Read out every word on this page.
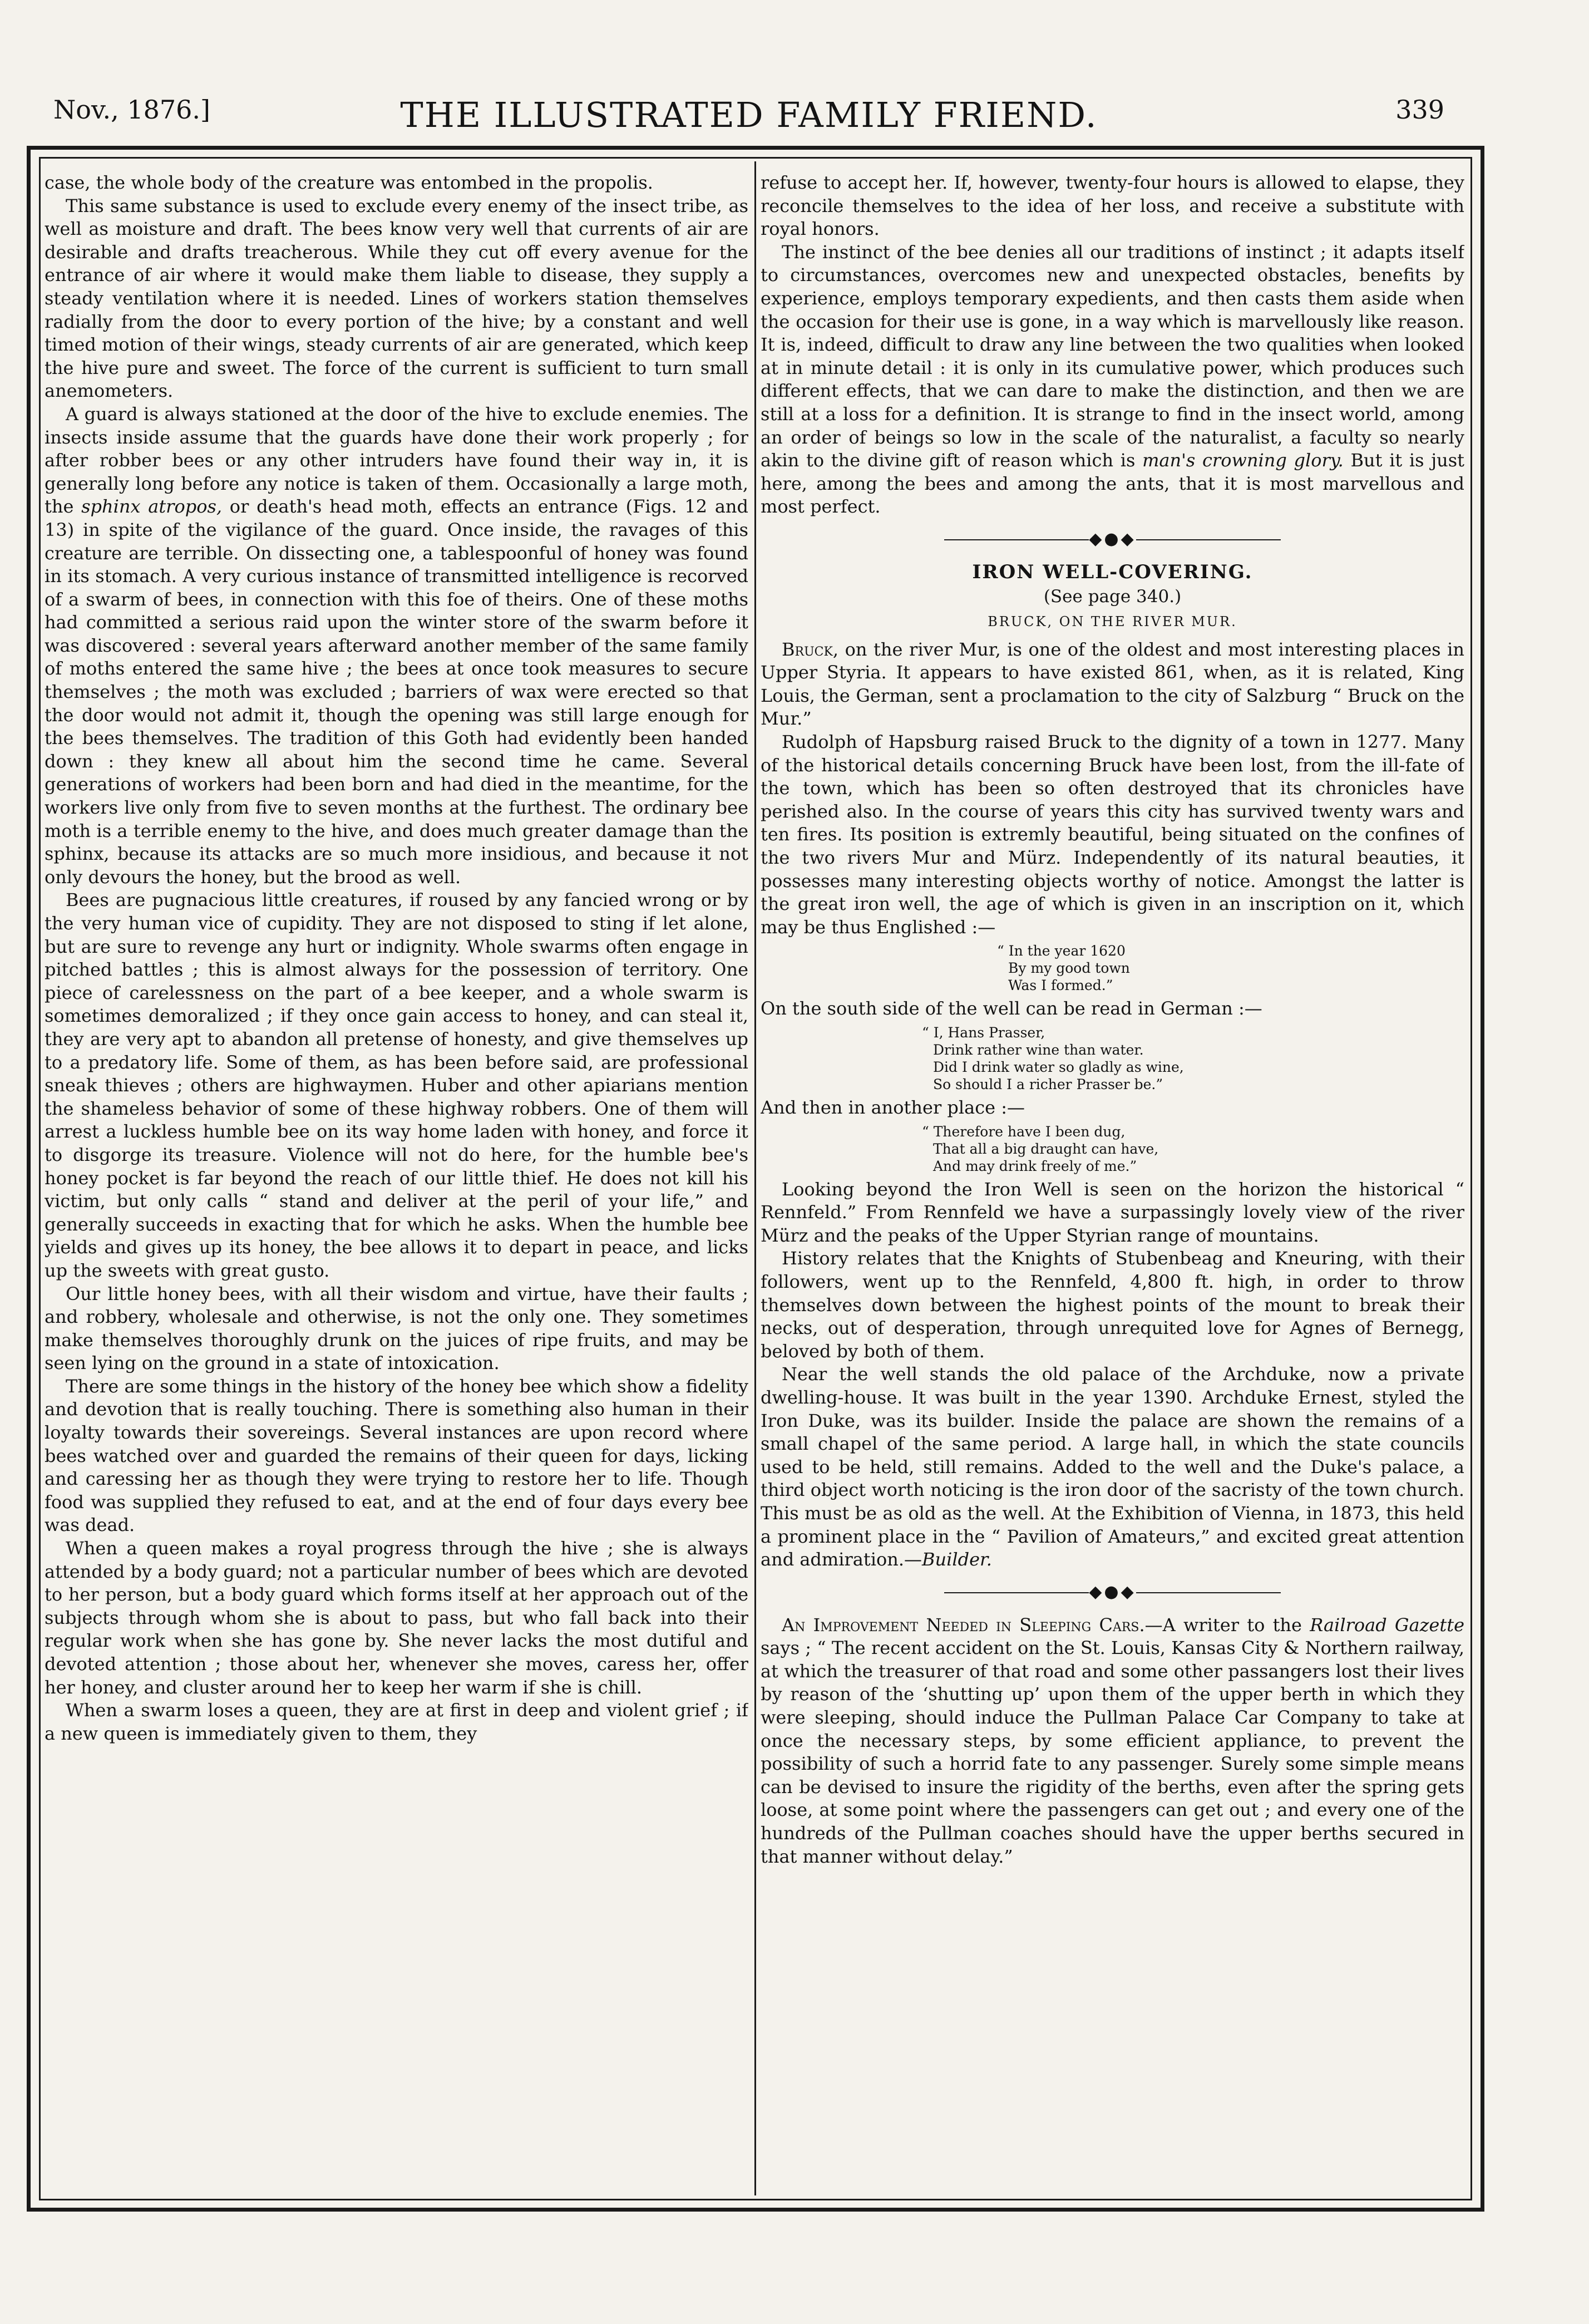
THE ILLUSTRATED FAMILY FRIEND.
Nov., 1876.]	339

case, the whole body of the creature was entombed in the propolis.

This same substance is used to exclude every enemy of the insect tribe, as well as moisture and draft. The bees know very well that currents of air are desirable and drafts treacherous. While they cut off every avenue for the entrance of air where it would make them liable to disease, they supply a steady ventilation where it is needed. Lines of workers station themselves radially from the door to every portion of the hive; by a constant and well timed motion of their wings, steady currents of air are generated, which keep the hive pure and sweet. The force of the current is sufficient to turn small anemometers.

A guard is always stationed at the door of the hive to exclude enemies. The insects inside assume that the guards have done their work properly ; for after robber bees or any other intruders have found their way in, it is generally long before any notice is taken of them. Occasionally a large moth, the sphinx atropos, or death's head moth, effects an entrance (Figs. 12 and 13) in spite of the vigilance of the guard. Once inside, the ravages of this creature are terrible. On dissecting one, a tablespoonful of honey was found in its stomach. A very curious instance of transmitted intelligence is recorved of a swarm of bees, in connection with this foe of theirs. One of these moths had committed a serious raid upon the winter store of the swarm before it was discovered : several years afterward another member of the same family of moths entered the same hive ; the bees at once took measures to secure themselves ; the moth was excluded ; barriers of wax were erected so that the door would not admit it, though the opening was still large enough for the bees themselves. The tradition of this Goth had evidently been handed down : they knew all about him the second time he came. Several generations of workers had been born and had died in the meantime, for the workers live only from five to seven months at the furthest. The ordinary bee moth is a terrible enemy to the hive, and does much greater damage than the sphinx, because its attacks are so much more insidious, and because it not only devours the honey, but the brood as well.

Bees are pugnacious little creatures, if roused by any fancied wrong or by the very human vice of cupidity. They are not disposed to sting if let alone, but are sure to revenge any hurt or indignity. Whole swarms often engage in pitched battles ; this is almost always for the possession of territory. One piece of carelessness on the part of a bee keeper, and a whole swarm is sometimes demoralized ; if they once gain access to honey, and can steal it, they are very apt to abandon all pretense of honesty, and give themselves up to a predatory life. Some of them, as has been before said, are professional sneak thieves ; others are highwaymen. Huber and other apiarians mention the shameless behavior of some of these highway robbers. One of them will arrest a luckless humble bee on its way home laden with honey, and force it to disgorge its treasure. Violence will not do here, for the humble bee's honey pocket is far beyond the reach of our little thief. He does not kill his victim, but only calls “ stand and deliver at the peril of your life,” and generally succeeds in exacting that for which he asks. When the humble bee yields and gives up its honey, the bee allows it to depart in peace, and licks up the sweets with great gusto.

Our little honey bees, with all their wisdom and virtue, have their faults ; and robbery, wholesale and otherwise, is not the only one. They sometimes make themselves thoroughly drunk on the juices of ripe fruits, and may be seen lying on the ground in a state of intoxication.

There are some things in the history of the honey bee which show a fidelity and devotion that is really touching. There is something also human in their loyalty towards their sovereings. Several instances are upon record where bees watched over and guarded the remains of their queen for days, licking and caressing her as though they were trying to restore her to life. Though food was supplied they refused to eat, and at the end of four days every bee was dead.

When a queen makes a royal progress through the hive ; she is always attended by a body guard; not a particular number of bees which are devoted to her person, but a body guard which forms itself at her approach out of the subjects through whom she is about to pass, but who fall back into their regular work when she has gone by. She never lacks the most dutiful and devoted attention ; those about her, whenever she moves, caress her, offer her honey, and cluster around her to keep her warm if she is chill.

When a swarm loses a queen, they are at first in deep and violent grief ; if a new queen is immediately given to them, they

refuse to accept her. If, however, twenty-four hours is allowed to elapse, they reconcile themselves to the idea of her loss, and receive a substitute with royal honors.

The instinct of the bee denies all our traditions of instinct ; it adapts itself to circumstances, overcomes new and unexpected obstacles, benefits by experience, employs temporary expedients, and then casts them aside when the occasion for their use is gone, in a way which is marvellously like reason. It is, indeed, difficult to draw any line between the two qualities when looked at in minute detail : it is only in its cumulative power, which produces such different effects, that we can dare to make the distinction, and then we are still at a loss for a definition. It is strange to find in the insect world, among an order of beings so low in the scale of the naturalist, a faculty so nearly akin to the divine gift of reason which is man's crowning glory. But it is just here, among the bees and among the ants, that it is most marvellous and most perfect.

◆●◆
IRON WELL-COVERING.
(See page 340.)
BRUCK, ON THE RIVER MUR.

Bruck, on the river Mur, is one of the oldest and most interesting places in Upper Styria. It appears to have existed 861, when, as it is related, King Louis, the German, sent a proclamation to the city of Salzburg “ Bruck on the Mur.”

Rudolph of Hapsburg raised Bruck to the dignity of a town in 1277. Many of the historical details concerning Bruck have been lost, from the ill-fate of the town, which has been so often destroyed that its chronicles have perished also. In the course of years this city has survived twenty wars and ten fires. Its position is extremly beautiful, being situated on the confines of the two rivers Mur and Mürz. Independently of its natural beauties, it possesses many interesting objects worthy of notice. Amongst the latter is the great iron well, the age of which is given in an inscription on it, which may be thus Englished :—

“ In the year 1620
By my good town
Was I formed.”

On the south side of the well can be read in German :—

“ I, Hans Prasser,
Drink rather wine than water.
Did I drink water so gladly as wine,
So should I a richer Prasser be.”

And then in another place :—

“ Therefore have I been dug,
That all a big draught can have,
And may drink freely of me.”

Looking beyond the Iron Well is seen on the horizon the historical “ Rennfeld.” From Rennfeld we have a surpassingly lovely view of the river Mürz and the peaks of the Upper Styrian range of mountains.

History relates that the Knights of Stubenbeag and Kneuring, with their followers, went up to the Rennfeld, 4,800 ft. high, in order to throw themselves down between the highest points of the mount to break their necks, out of desperation, through unrequited love for Agnes of Bernegg, beloved by both of them.

Near the well stands the old palace of the Archduke, now a private dwelling-house. It was built in the year 1390. Archduke Ernest, styled the Iron Duke, was its builder. Inside the palace are shown the remains of a small chapel of the same period. A large hall, in which the state councils used to be held, still remains. Added to the well and the Duke's palace, a third object worth noticing is the iron door of the sacristy of the town church. This must be as old as the well. At the Exhibition of Vienna, in 1873, this held a prominent place in the “ Pavilion of Amateurs,” and excited great attention and admiration.—Builder.

◆●◆

An Improvement Needed in Sleeping Cars.—A writer to the Railroad Gazette says ; “ The recent accident on the St. Louis, Kansas City & Northern railway, at which the treasurer of that road and some other passangers lost their lives by reason of the ‘shutting up’ upon them of the upper berth in which they were sleeping, should induce the Pullman Palace Car Company to take at once the necessary steps, by some efficient appliance, to prevent the possibility of such a horrid fate to any passenger. Surely some simple means can be devised to insure the rigidity of the berths, even after the spring gets loose, at some point where the passengers can get out ; and every one of the hundreds of the Pullman coaches should have the upper berths secured in that manner without delay.”
